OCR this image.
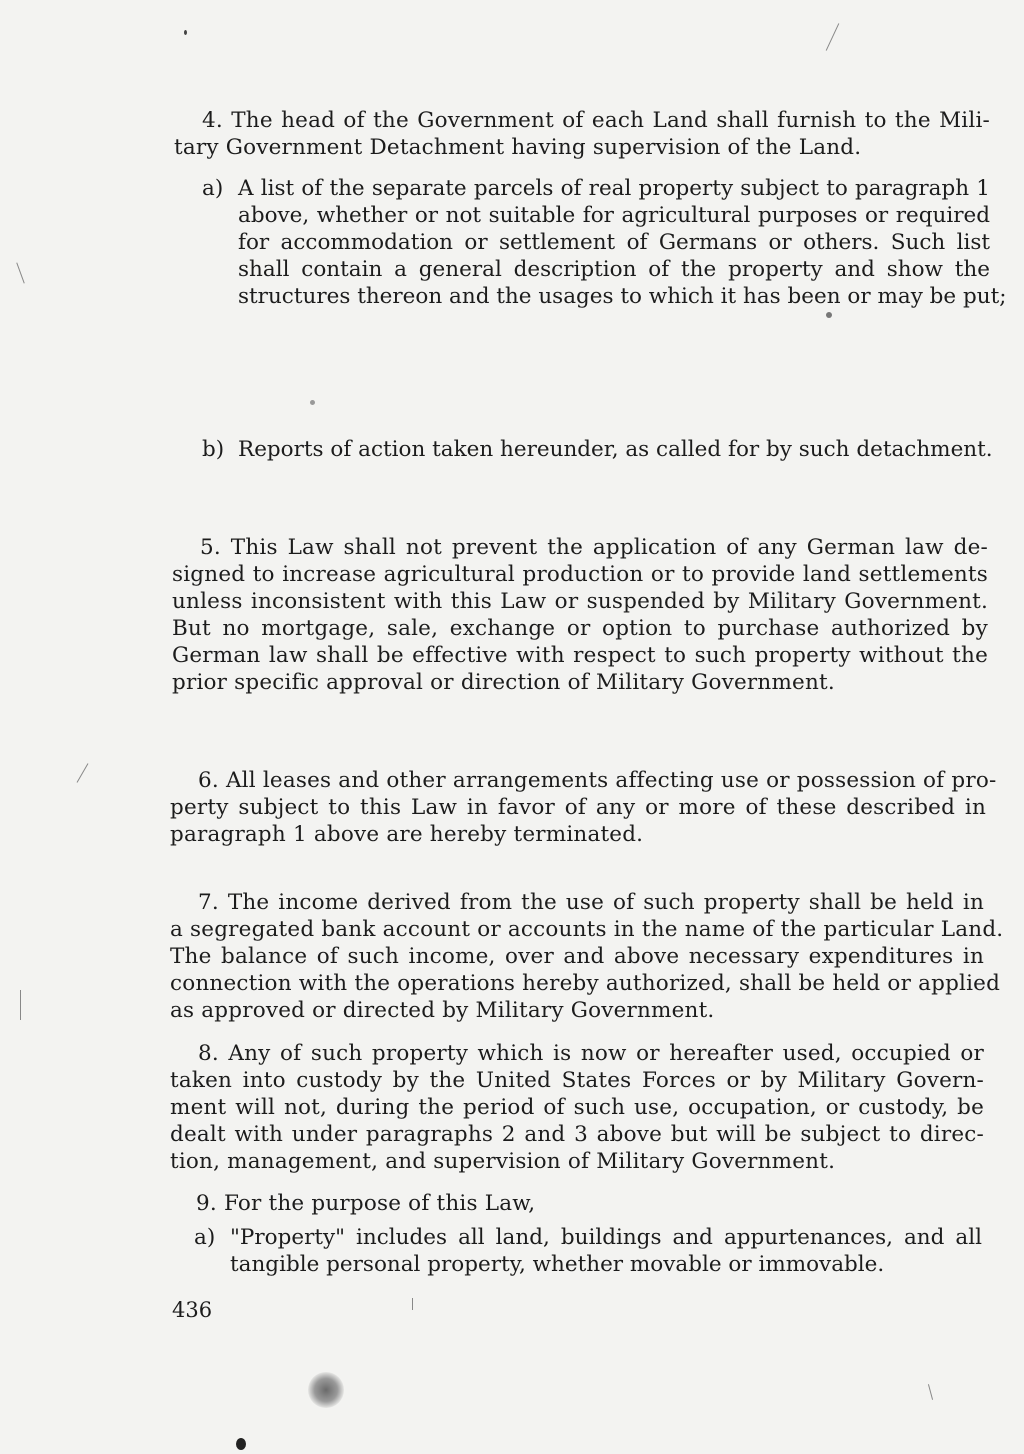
4. The head of the Government of each Land shall furnish to the Mili-
tary Government Detachment having supervision of the Land.
a) A list of the separate parcels of real property subject to paragraph 1
above, whether or not suitable for agricultural purposes or required
for accommodation or settlement of Germans or others. Such list
shall contain a general description of the property and show the
structures thereon and the usages to which it has been or may be put;
b) Reports of action taken hereunder, as called for by such detachment.
5. This Law shall not prevent the application of any German law de-
signed to increase agricultural production or to provide land settlements
unless inconsistent with this Law or suspended by Military Government.
But no mortgage, sale, exchange or option to purchase authorized by
German law shall be effective with respect to such property without the
prior specific approval or direction of Military Government.
6. All leases and other arrangements affecting use or possession of pro-
perty subject to this Law in favor of any or more of these described in
paragraph 1 above are hereby terminated.
7. The income derived from the use of such property shall be held in
a segregated bank account or accounts in the name of the particular Land.
The balance of such income, over and above necessary expenditures in
connection with the operations hereby authorized, shall be held or applied
as approved or directed by Military Government.
8. Any of such property which is now or hereafter used, occupied or
taken into custody by the United States Forces or by Military Govern-
ment will not, during the period of such use, occupation, or custody, be
dealt with under paragraphs 2 and 3 above but will be subject to direc-
tion, management, and supervision of Military Government.
9. For the purpose of this Law,
a) "Property" includes all land, buildings and appurtenances, and all
tangible personal property, whether movable or immovable.
436
